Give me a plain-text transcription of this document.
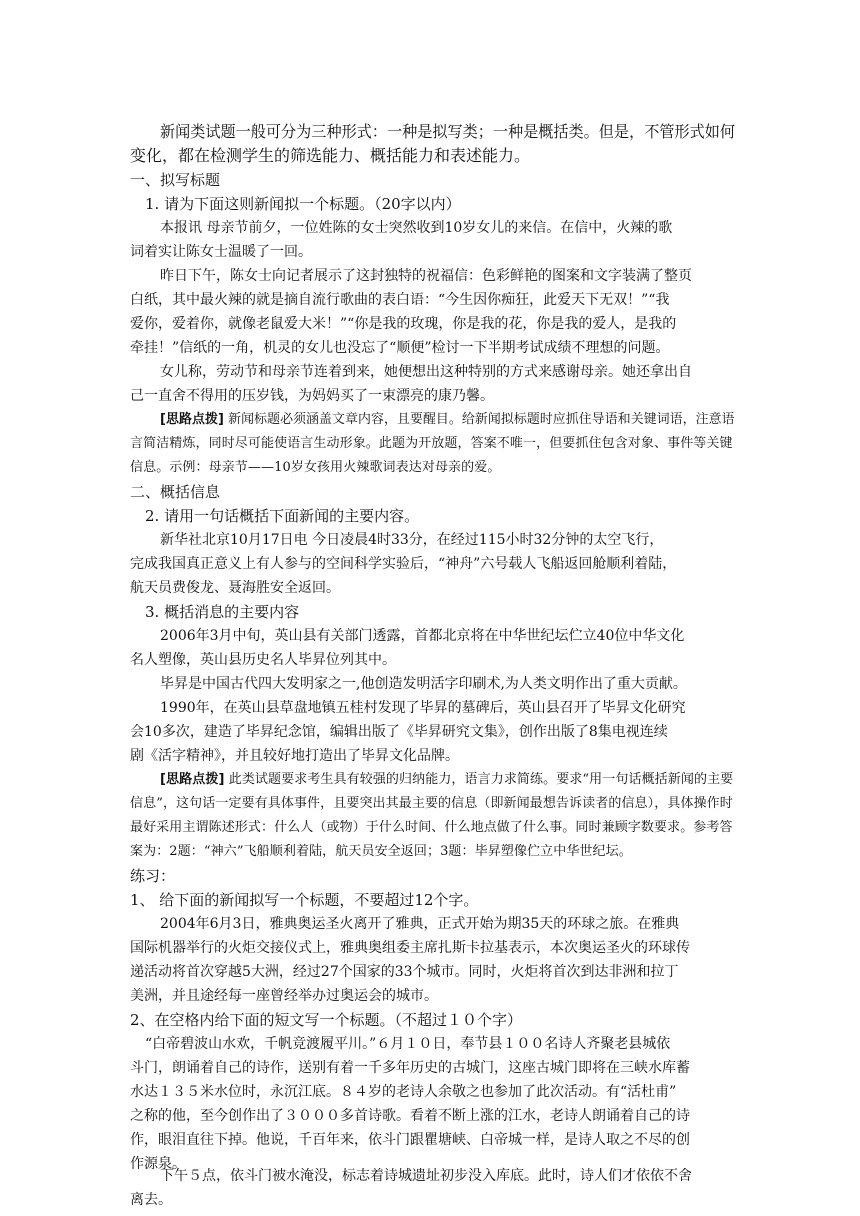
新闻类试题一般可分为三种形式：一种是拟写类；一种是概括类。但是，不管形式如何
变化，都在检测学生的筛选能力、概括能力和表述能力。
一、拟写标题
1. 请为下面这则新闻拟一个标题。（20字以内）
本报讯 母亲节前夕，一位姓陈的女士突然收到10岁女儿的来信。在信中，火辣的歌
词着实让陈女士温暖了一回。
昨日下午，陈女士向记者展示了这封独特的祝福信：色彩鲜艳的图案和文字装满了整页
白纸，其中最火辣的就是摘自流行歌曲的表白语：“今生因你痴狂，此爱天下无双！”“我
爱你，爱着你，就像老鼠爱大米！”“你是我的玫瑰，你是我的花，你是我的爱人，是我的
牵挂！”信纸的一角，机灵的女儿也没忘了“顺便”检讨一下半期考试成绩不理想的问题。
女儿称，劳动节和母亲节连着到来，她便想出这种特别的方式来感谢母亲。她还拿出自
己一直舍不得用的压岁钱，为妈妈买了一束漂亮的康乃馨。
[思路点拨] 新闻标题必须涵盖文章内容，且要醒目。给新闻拟标题时应抓住导语和关键词语，注意语
言简洁精炼，同时尽可能使语言生动形象。此题为开放题，答案不唯一，但要抓住包含对象、事件等关键
信息。示例：母亲节——10岁女孩用火辣歌词表达对母亲的爱。
二、概括信息
2. 请用一句话概括下面新闻的主要内容。
新华社北京10月17日电 今日凌晨4时33分，在经过115小时32分钟的太空飞行，
完成我国真正意义上有人参与的空间科学实验后，“神舟”六号载人飞船返回舱顺利着陆，
航天员费俊龙、聂海胜安全返回。
3. 概括消息的主要内容
2006年3月中旬，英山县有关部门透露，首都北京将在中华世纪坛伫立40位中华文化
名人塑像，英山县历史名人毕昇位列其中。
毕昇是中国古代四大发明家之一,他创造发明活字印刷术,为人类文明作出了重大贡献。
1990年，在英山县草盘地镇五桂村发现了毕昇的墓碑后，英山县召开了毕昇文化研究
会10多次，建造了毕昇纪念馆，编辑出版了《毕昇研究文集》，创作出版了8集电视连续
剧《活字精神》，并且较好地打造出了毕昇文化品牌。
[思路点拨] 此类试题要求考生具有较强的归纳能力，语言力求简练。要求“用一句话概括新闻的主要
信息”，这句话一定要有具体事件，且要突出其最主要的信息（即新闻最想告诉读者的信息），具体操作时
最好采用主谓陈述形式：什么人（或物）于什么时间、什么地点做了什么事。同时兼顾字数要求。参考答
案为：2题：“神六”飞船顺利着陆，航天员安全返回；3题：毕昇塑像伫立中华世纪坛。
练习：
1、 给下面的新闻拟写一个标题，不要超过12个字。
2004年6月3日，雅典奥运圣火离开了雅典，正式开始为期35天的环球之旅。在雅典
国际机器举行的火炬交接仪式上，雅典奥组委主席扎斯卡拉基表示，本次奥运圣火的环球传
递活动将首次穿越5大洲，经过27个国家的33个城市。同时，火炬将首次到达非洲和拉丁
美洲，并且途经每一座曾经举办过奥运会的城市。
2、在空格内给下面的短文写一个标题。（不超过１０个字）
“白帝碧波山水欢，千帆竞渡履平川。”６月１０日，奉节县１００名诗人齐聚老县城依
斗门，朗诵着自己的诗作，送别有着一千多年历史的古城门，这座古城门即将在三峡水库蓄
水达１３５米水位时，永沉江底。８４岁的老诗人余敬之也参加了此次活动。有“活杜甫”
之称的他，至今创作出了３０００多首诗歌。看着不断上涨的江水，老诗人朗诵着自己的诗
作，眼泪直往下掉。他说，千百年来，依斗门跟瞿塘峡、白帝城一样，是诗人取之不尽的创
作源泉。
下午５点，依斗门被水淹没，标志着诗城遗址初步没入库底。此时，诗人们才依依不舍
离去。
